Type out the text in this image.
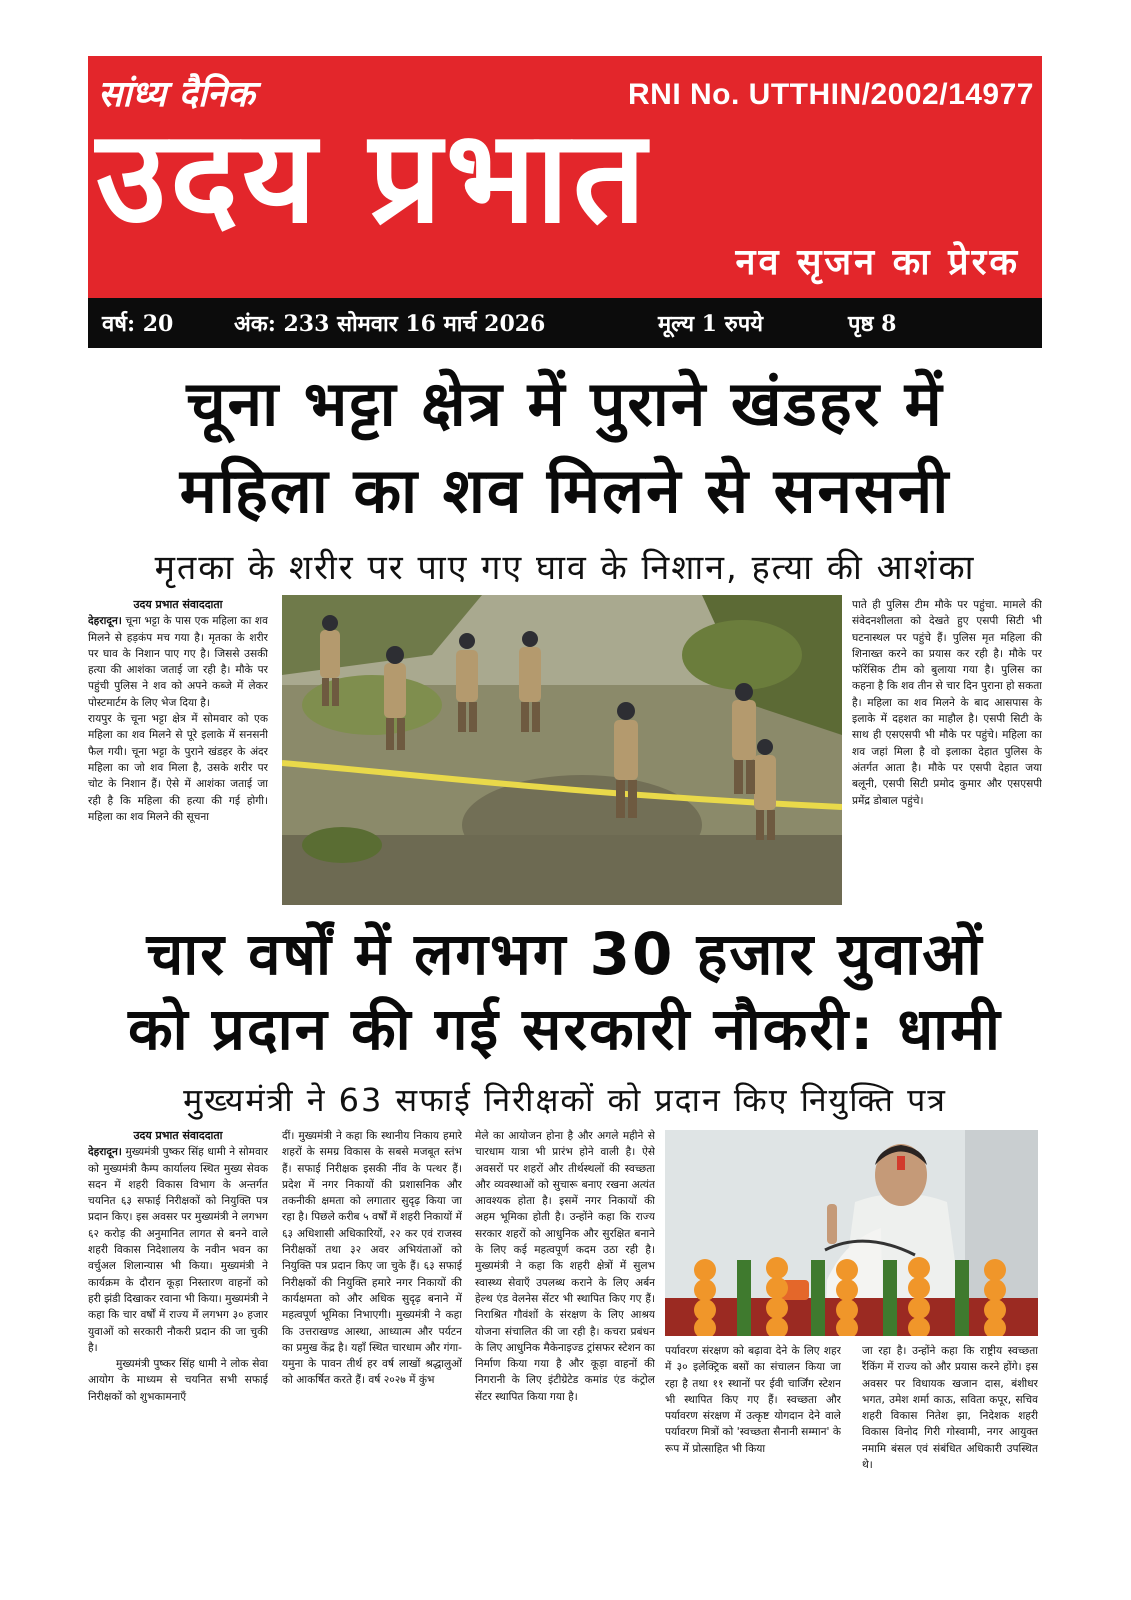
सांध्य दैनिक	RNI No. UTTHIN/2002/14977
उदय प्रभात
नव सृजन का प्रेरक
वर्ष: 20	अंक: 233 सोमवार 16 मार्च 2026	मूल्य 1 रुपये	पृष्ठ 8
चूना भट्टा क्षेत्र में पुराने खंडहर में
महिला का शव मिलने से सनसनी
मृतका के शरीर पर पाए गए घाव के निशान, हत्या की आशंका
उदय प्रभात संवाददाता

देहरादून। चूना भट्टा के पास एक महिला का शव मिलने से हड़कंप मच गया है। मृतका के शरीर पर घाव के निशान पाए गए है। जिससे उसकी हत्या की आशंका जताई जा रही है। मौके पर पहुंची पुलिस ने शव को अपने कब्जे में लेकर पोस्टमार्टम के लिए भेज दिया है।

रायपुर के चूना भट्टा क्षेत्र में सोमवार को एक महिला का शव मिलने से पूरे इलाके में सनसनी फैल गयी। चूना भट्टा के पुराने खंडहर के अंदर महिला का जो शव मिला है, उसके शरीर पर चोट के निशान हैं। ऐसे में आशंका जताई जा रही है कि महिला की हत्या की गई होगी। महिला का शव मिलने की सूचना

पाते ही पुलिस टीम मौके पर पहुंचा. मामले की संवेदनशीलता को देखते हुए एसपी सिटी भी घटनास्थल पर पहुंचे हैं। पुलिस मृत महिला की शिनाख्त करने का प्रयास कर रही है। मौके पर फॉरेंसिक टीम को बुलाया गया है। पुलिस का कहना है कि शव तीन से चार दिन पुराना हो सकता है। महिला का शव मिलने के बाद आसपास के इलाके में दहशत का माहौल है। एसपी सिटी के साथ ही एसएसपी भी मौके पर पहुंचे। महिला का शव जहां मिला है वो इलाका देहात पुलिस के अंतर्गत आता है। मौके पर एसपी देहात जया बलूनी, एसपी सिटी प्रमोद कुमार और एसएसपी प्रमेंद्र डोबाल पहुंचे।

चार वर्षों में लगभग 30 हजार युवाओं
को प्रदान की गई सरकारी नौकरी: धामी
मुख्यमंत्री ने 63 सफाई निरीक्षकों को प्रदान किए नियुक्ति पत्र
उदय प्रभात संवाददाता

देहरादून। मुख्यमंत्री पुष्कर सिंह धामी ने सोमवार को मुख्यमंत्री कैम्प कार्यालय स्थित मुख्य सेवक सदन में शहरी विकास विभाग के अन्तर्गत चयनित ६३ सफाई निरीक्षकों को नियुक्ति पत्र प्रदान किए। इस अवसर पर मुख्यमंत्री ने लगभग ६२ करोड़ की अनुमानित लागत से बनने वाले शहरी विकास निदेशालय के नवीन भवन का वर्चुअल शिलान्यास भी किया। मुख्यमंत्री ने कार्यक्रम के दौरान कूड़ा निस्तारण वाहनों को हरी झंडी दिखाकर रवाना भी किया। मुख्यमंत्री ने कहा कि चार वर्षों में राज्य में लगभग ३० हजार युवाओं को सरकारी नौकरी प्रदान की जा चुकी है।

मुख्यमंत्री पुष्कर सिंह धामी ने लोक सेवा आयोग के माध्यम से चयनित सभी सफाई निरीक्षकों को शुभकामनाएँ

दीं। मुख्यमंत्री ने कहा कि स्थानीय निकाय हमारे शहरों के समग्र विकास के सबसे मजबूत स्तंभ हैं। सफाई निरीक्षक इसकी नींव के पत्थर हैं। प्रदेश में नगर निकायों की प्रशासनिक और तकनीकी क्षमता को लगातार सुदृढ़ किया जा रहा है। पिछले करीब ५ वर्षों में शहरी निकायों में ६३ अधिशासी अधिकारियों, २२ कर एवं राजस्व निरीक्षकों तथा ३२ अवर अभियंताओं को नियुक्ति पत्र प्रदान किए जा चुके हैं। ६३ सफाई निरीक्षकों की नियुक्ति हमारे नगर निकायों की कार्यक्षमता को और अधिक सुदृढ़ बनाने में महत्वपूर्ण भूमिका निभाएगी। मुख्यमंत्री ने कहा कि उत्तराखण्ड आस्था, आध्यात्म और पर्यटन का प्रमुख केंद्र है। यहाँ स्थित चारधाम और गंगा-यमुना के पावन तीर्थ हर वर्ष लाखों श्रद्धालुओं को आकर्षित करते हैं। वर्ष २०२७ में कुंभ

मेले का आयोजन होना है और अगले महीने से चारधाम यात्रा भी प्रारंभ होने वाली है। ऐसे अवसरों पर शहरों और तीर्थस्थलों की स्वच्छता और व्यवस्थाओं को सुचारू बनाए रखना अत्यंत आवश्यक होता है। इसमें नगर निकायों की अहम भूमिका होती है। उन्होंने कहा कि राज्य सरकार शहरों को आधुनिक और सुरक्षित बनाने के लिए कई महत्वपूर्ण कदम उठा रही है। मुख्यमंत्री ने कहा कि शहरी क्षेत्रों में सुलभ स्वास्थ्य सेवाएँ उपलब्ध कराने के लिए अर्बन हेल्थ एंड वेलनेस सेंटर भी स्थापित किए गए हैं। निराश्रित गौवंशों के संरक्षण के लिए आश्रय योजना संचालित की जा रही है। कचरा प्रबंधन के लिए आधुनिक मैकेनाइज्ड ट्रांसफर स्टेशन का निर्माण किया गया है और कूड़ा वाहनों की निगरानी के लिए इंटीग्रेटेड कमांड एंड कंट्रोल सेंटर स्थापित किया गया है।

पर्यावरण संरक्षण को बढ़ावा देने के लिए शहर में ३० इलेक्ट्रिक बसों का संचालन किया जा रहा है तथा ११ स्थानों पर ईवी चार्जिंग स्टेशन भी स्थापित किए गए हैं। स्वच्छता और पर्यावरण संरक्षण में उत्कृष्ट योगदान देने वाले पर्यावरण मित्रों को 'स्वच्छता सैनानी सम्मान' के रूप में प्रोत्साहित भी किया

जा रहा है। उन्होंने कहा कि राष्ट्रीय स्वच्छता रैंकिंग में राज्य को और प्रयास करने होंगे। इस अवसर पर विधायक खजान दास, बंशीधर भगत, उमेश शर्मा काऊ, सविता कपूर, सचिव शहरी विकास नितेश झा, निदेशक शहरी विकास विनोद गिरी गोस्वामी, नगर आयुक्त नमामि बंसल एवं संबंधित अधिकारी उपस्थित थे।
